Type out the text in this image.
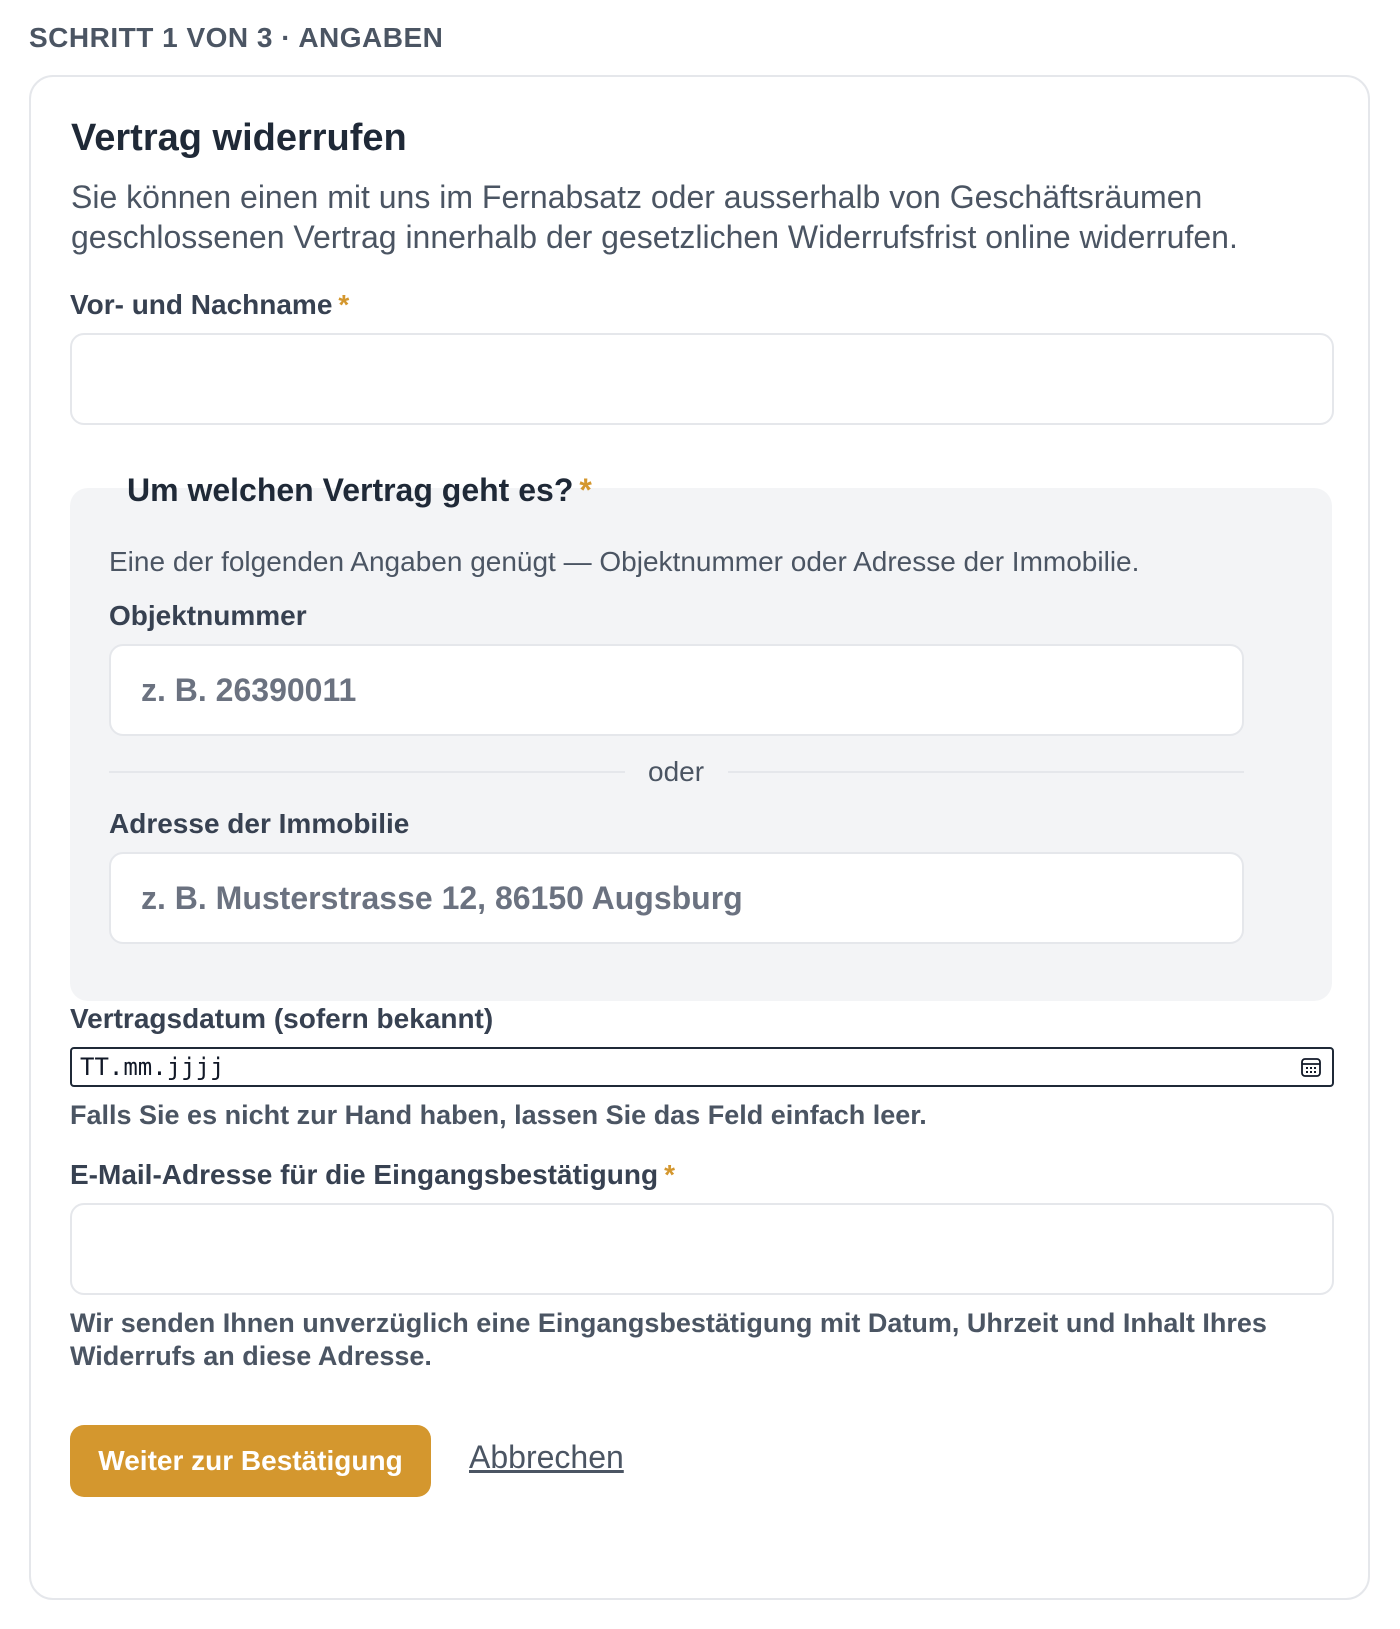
SCHRITT 1 VON 3 · ANGABEN
Vertrag widerrufen

Sie können einen mit uns im Fernabsatz oder ausserhalb von Geschäftsräumen geschlossenen Vertrag innerhalb der gesetzlichen Widerrufsfrist online widerrufen.

Vor- und Nachname *

Eine der folgenden Angaben genügt — Objektnummer oder Adresse der Immobilie.

Objektnummer
z. B. 26390011
oder
Adresse der Immobilie
z. B. Musterstrasse 12, 86150 Augsburg
Um welchen Vertrag geht es? *
Vertragsdatum (sofern bekannt)
TT.mm.jjjj

Falls Sie es nicht zur Hand haben, lassen Sie das Feld einfach leer.

E-Mail-Adresse für die Eingangsbestätigung *

Wir senden Ihnen unverzüglich eine Eingangsbestätigung mit Datum, Uhrzeit und Inhalt Ihres Widerrufs an diese Adresse.

Weiter zur Bestätigung	Abbrechen
